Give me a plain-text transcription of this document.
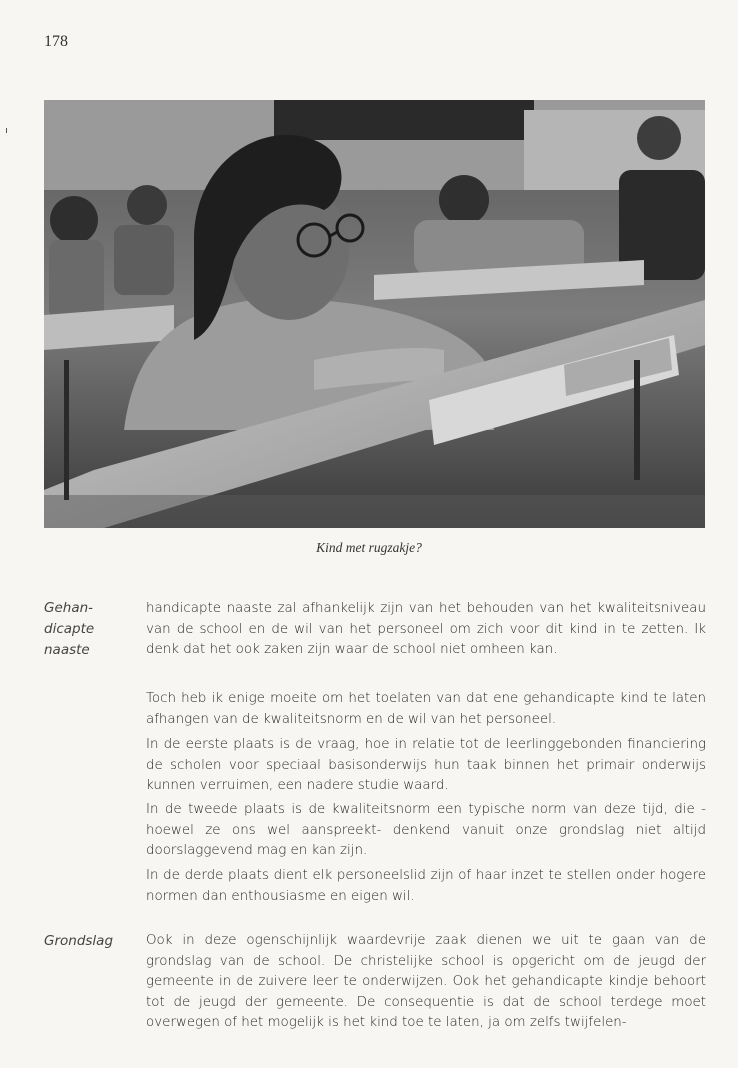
178
Kind met rugzakje?
Gehan-
dicapte
naaste
handicapte naaste zal afhankelijk zijn van het behouden van het kwaliteitsniveau van de school en de wil van het personeel om zich voor dit kind in te zetten. Ik denk dat het ook zaken zijn waar de school niet omheen kan.
Toch heb ik enige moeite om het toelaten van dat ene gehandicapte kind te laten afhangen van de kwaliteitsnorm en de wil van het personeel.
In de eerste plaats is de vraag, hoe in relatie tot de leerlinggebonden financiering de scholen voor speciaal basisonderwijs hun taak binnen het primair onderwijs kunnen verruimen, een nadere studie waard.
In de tweede plaats is de kwaliteitsnorm een typische norm van deze tijd, die -hoewel ze ons wel aanspreekt- denkend vanuit onze grondslag niet altijd doorslaggevend mag en kan zijn.
In de derde plaats dient elk personeelslid zijn of haar inzet te stellen onder hogere normen dan enthousiasme en eigen wil.
Grondslag	Ook in deze ogenschijnlijk waardevrije zaak dienen we uit te gaan van de grondslag van de school. De christelijke school is opgericht om de jeugd der gemeente in de zuivere leer te onderwijzen. Ook het gehandicapte kindje behoort tot de jeugd der gemeente. De consequentie is dat de school terdege moet overwegen of het mogelijk is het kind toe te laten, ja om zelfs twijfelen-
